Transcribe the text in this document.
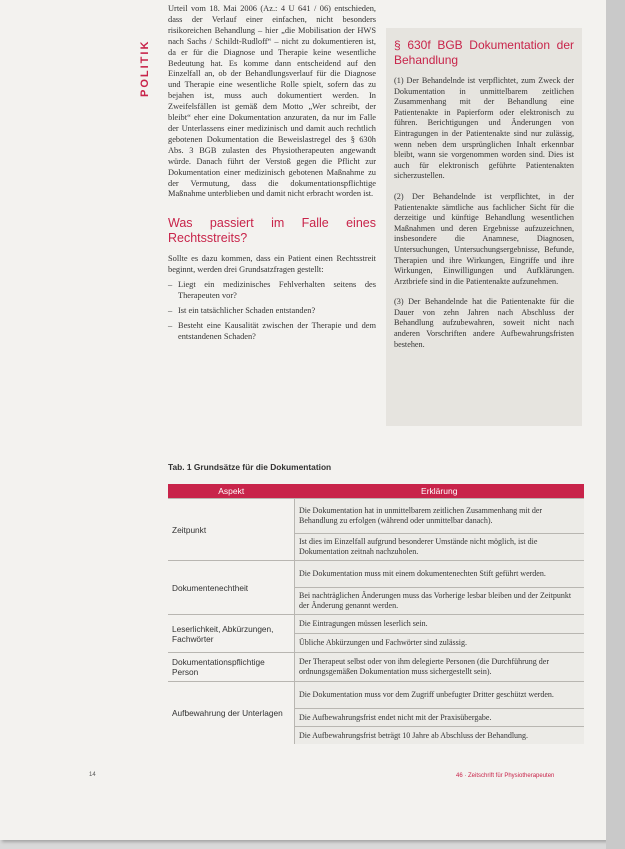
POLITIK

Urteil vom 18. Mai 2006 (Az.: 4 U 641 / 06) entschieden, dass der Verlauf einer einfachen, nicht besonders risikoreichen Behandlung – hier „die Mobilisation der HWS nach Sachs / Schildt-Rudloff“ – nicht zu dokumentieren ist, da er für die Diagnose und Therapie keine wesentliche Bedeutung hat. Es komme dann entscheidend auf den Einzelfall an, ob der Behandlungsverlauf für die Diagnose und Therapie eine wesentliche Rolle spielt, sofern das zu bejahen ist, muss auch dokumentiert werden. In Zweifelsfällen ist gemäß dem Motto „Wer schreibt, der bleibt“ eher eine Dokumentation anzuraten, da nur im Falle der Unterlassens einer medizinisch und damit auch rechtlich gebotenen Dokumentation die Beweislastregel des § 630h Abs. 3 BGB zulasten des Physiotherapeuten angewandt würde. Danach führt der Verstoß gegen die Pflicht zur Dokumentation einer medizinisch gebotenen Maßnahme zu der Vermutung, dass die dokumentationspflichtige Maßnahme unterblieben und damit nicht erbracht worden ist.

Was passiert im Falle eines Rechtsstreits?

Sollte es dazu kommen, dass ein Patient einen Rechtsstreit beginnt, werden drei Grundsatzfragen gestellt:

– Liegt ein medizinisches Fehlverhalten seitens des Therapeuten vor?
– Ist ein tatsächlicher Schaden entstanden?
– Besteht eine Kausalität zwischen der Therapie und dem entstandenen Schaden?
§ 630f BGB Dokumentation der Behandlung

(1) Der Behandelnde ist verpflichtet, zum Zweck der Dokumentation in unmittelbarem zeitlichen Zusammenhang mit der Behandlung eine Patientenakte in Papierform oder elektronisch zu führen. Berichtigungen und Änderungen von Eintragungen in der Patientenakte sind nur zulässig, wenn neben dem ursprünglichen Inhalt erkennbar bleibt, wann sie vorgenommen worden sind. Dies ist auch für elektronisch geführte Patientenakten sicherzustellen.

(2) Der Behandelnde ist verpflichtet, in der Patientenakte sämtliche aus fachlicher Sicht für die derzeitige und künftige Behandlung wesentlichen Maßnahmen und deren Ergebnisse aufzuzeichnen, insbesondere die Anamnese, Diagnosen, Untersuchungen, Untersuchungsergebnisse, Befunde, Therapien und ihre Wirkungen, Eingriffe und ihre Wirkungen, Einwilligungen und Aufklärungen. Arztbriefe sind in die Patientenakte aufzunehmen.

(3) Der Behandelnde hat die Patientenakte für die Dauer von zehn Jahren nach Abschluss der Behandlung aufzubewahren, soweit nicht nach anderen Vorschriften andere Aufbewahrungsfristen bestehen.

Tab. 1 Grundsätze für die Dokumentation
Aspekt	Erklärung
Zeitpunkt	Die Dokumentation hat in unmittelbarem zeitlichen Zusammenhang mit der Behandlung zu erfolgen (während oder unmittelbar danach).
	Ist dies im Einzelfall aufgrund besonderer Umstände nicht möglich, ist die Dokumentation zeitnah nachzuholen.
Dokumentenechtheit	Die Dokumentation muss mit einem dokumentenechten Stift geführt werden.
	Bei nachträglichen Änderungen muss das Vorherige lesbar bleiben und der Zeitpunkt der Änderung genannt werden.
Leserlichkeit, Abkürzungen, Fachwörter	Die Eintragungen müssen leserlich sein.
	Übliche Abkürzungen und Fachwörter sind zulässig.
Dokumentationspflichtige Person	Der Therapeut selbst oder von ihm delegierte Personen (die Durchführung der ordnungsgemäßen Dokumentation muss sichergestellt sein).
Aufbewahrung der Unterlagen	Die Dokumentation muss vor dem Zugriff unbefugter Dritter geschützt werden.
	Die Aufbewahrungsfrist endet nicht mit der Praxisübergabe.
	Die Aufbewahrungsfrist beträgt 10 Jahre ab Abschluss der Behandlung.
14	46 · Zeitschrift für Physiotherapeuten
